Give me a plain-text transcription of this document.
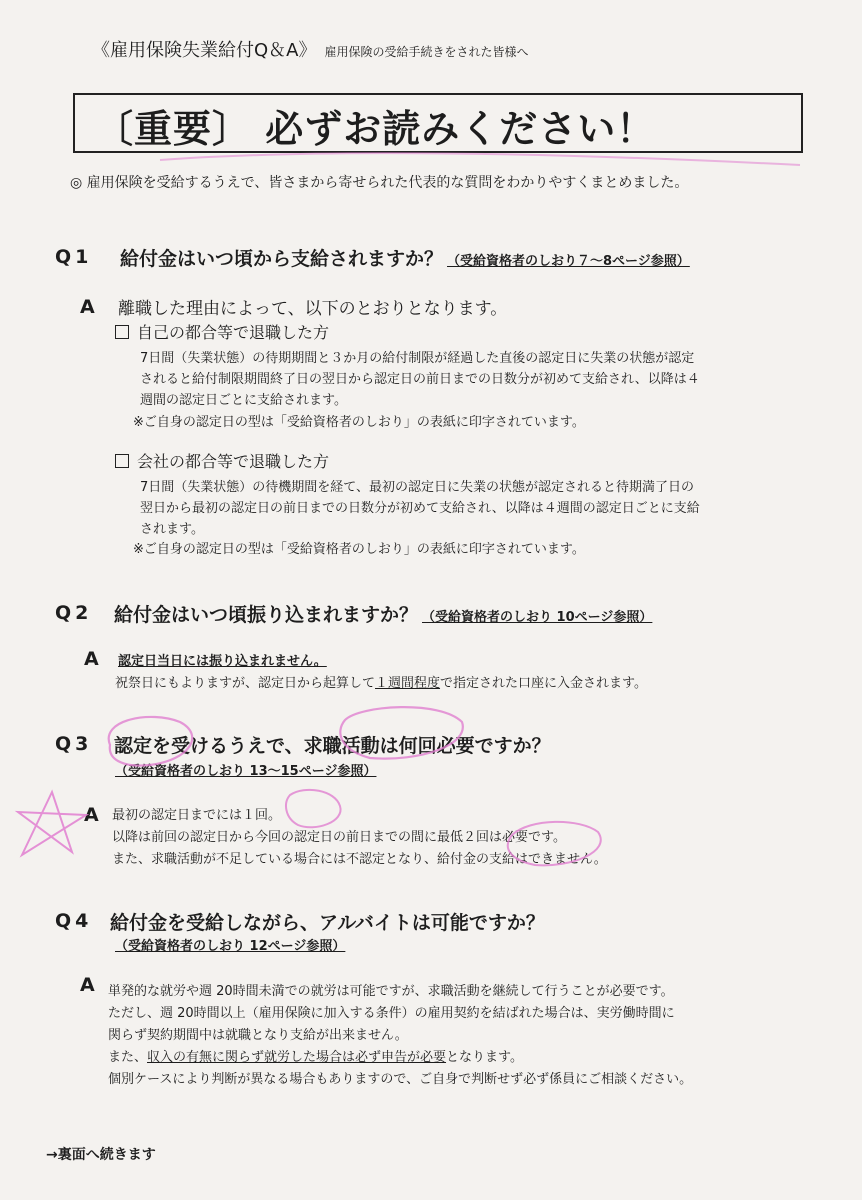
《雇用保険失業給付Q＆A》 雇用保険の受給手続きをされた皆様へ
〔重要〕 必ずお読みください！
◎ 雇用保険を受給するうえで、皆さまから寄せられた代表的な質問をわかりやすくまとめました。
Q1 給付金はいつ頃から支給されますか？ （受給資格者のしおり７～8ページ参照）
A 離職した理由によって、以下のとおりとなります。
自己の都合等で退職した方
7日間（失業状態）の待期期間と３か月の給付制限が経過した直後の認定日に失業の状態が認定
されると給付制限期間終了日の翌日から認定日の前日までの日数分が初めて支給され、以降は４
週間の認定日ごとに支給されます。
※ご自身の認定日の型は「受給資格者のしおり」の表紙に印字されています。
会社の都合等で退職した方
7日間（失業状態）の待機期間を経て、最初の認定日に失業の状態が認定されると待期満了日の
翌日から最初の認定日の前日までの日数分が初めて支給され、以降は４週間の認定日ごとに支給
されます。
※ご自身の認定日の型は「受給資格者のしおり」の表紙に印字されています。
Q2 給付金はいつ頃振り込まれますか？ （受給資格者のしおり 10ページ参照）
A 認定日当日には振り込まれません。
祝祭日にもよりますが、認定日から起算して１週間程度で指定された口座に入金されます。
Q3 認定を受けるうえで、求職活動は何回必要ですか？
（受給資格者のしおり 13～15ページ参照）
A 最初の認定日までには１回。
以降は前回の認定日から今回の認定日の前日までの間に最低２回は必要です。
また、求職活動が不足している場合には不認定となり、給付金の支給はできません。
Q4 給付金を受給しながら、アルバイトは可能ですか？
（受給資格者のしおり 12ページ参照）
A 単発的な就労や週 20時間未満での就労は可能ですが、求職活動を継続して行うことが必要です。
ただし、週 20時間以上（雇用保険に加入する条件）の雇用契約を結ばれた場合は、実労働時間に
関らず契約期間中は就職となり支給が出来ません。
また、収入の有無に関らず就労した場合は必ず申告が必要となります。
個別ケースにより判断が異なる場合もありますので、ご自身で判断せず必ず係員にご相談ください。
→裏面へ続きます
